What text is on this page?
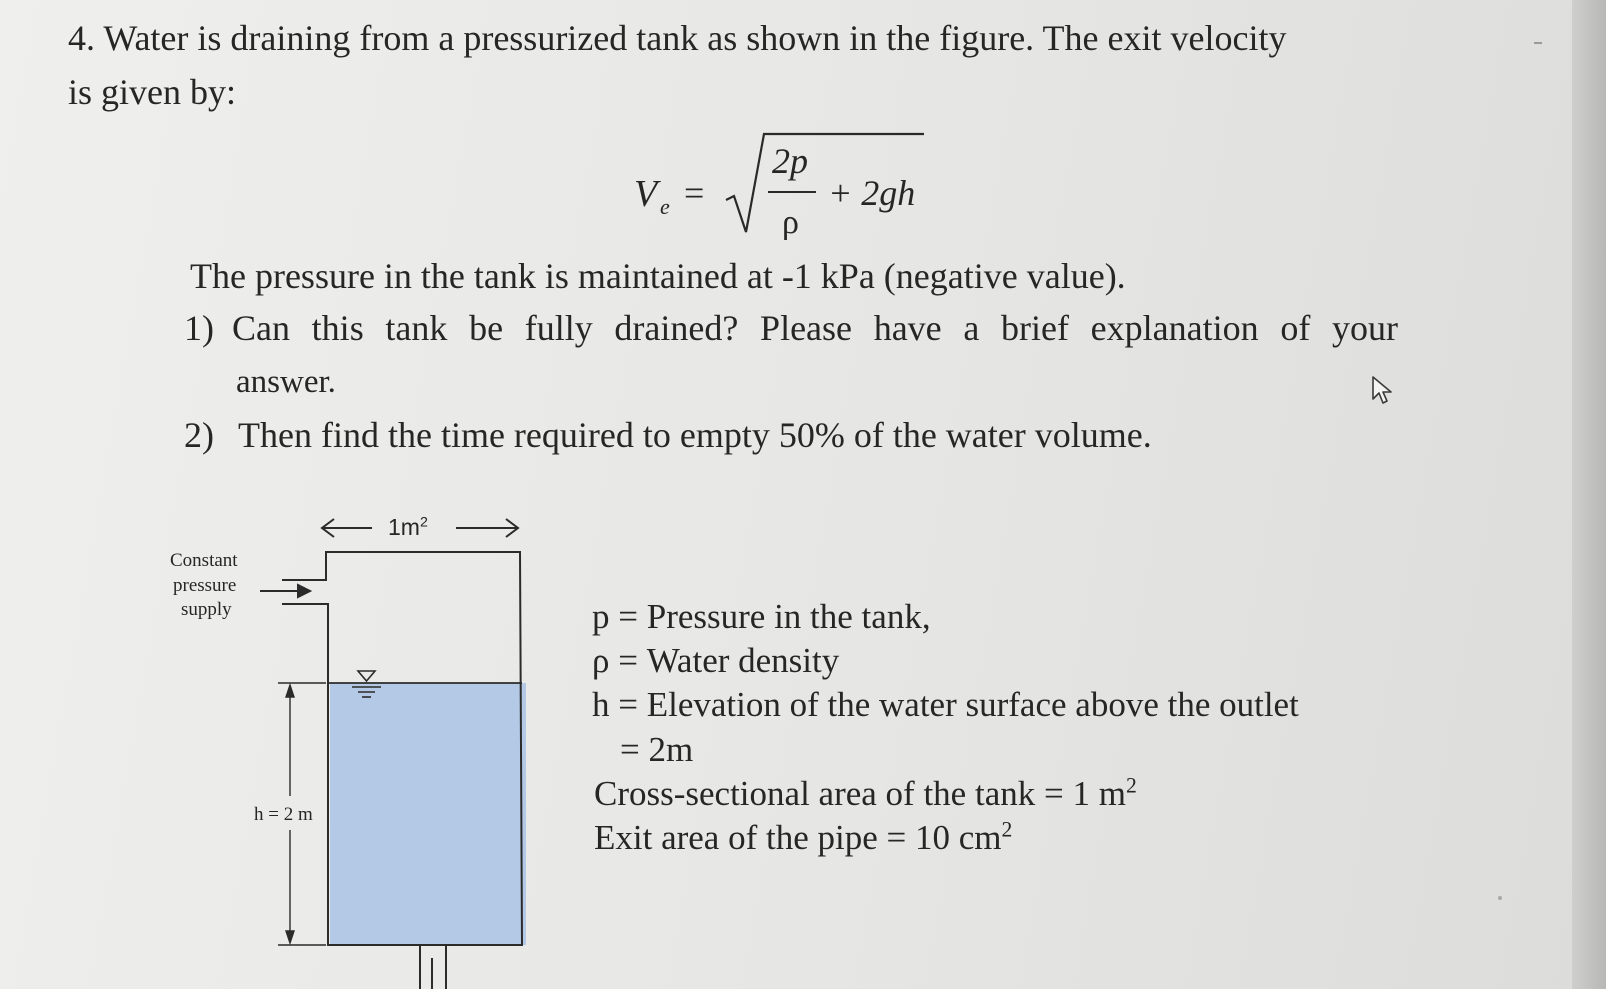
4. Water is draining from a pressurized tank as shown in the figure. The exit velocity
is given by:
V e =
2p
ρ
+ 2gh
The pressure in the tank is maintained at -1 kPa (negative value).
1) Can this tank be fully drained? Please have a brief explanation of your
answer.
2) Then find the time required to empty 50% of the water volume.
$1m^2$
Constant
pressure
supply
h = 2 m
p = Pressure in the tank,
ρ = Water density
h = Elevation of the water surface above the outlet
= 2m
Cross-sectional area of the tank = 1 $m^2$
Exit area of the pipe = 10 $cm^2$
